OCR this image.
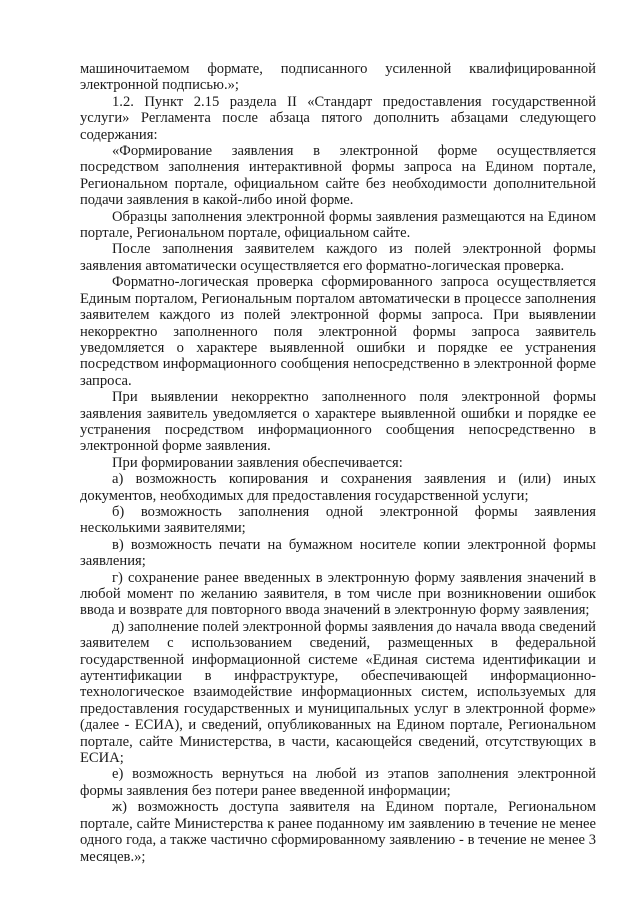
машиночитаемом формате, подписанного усиленной квалифицированной электронной подписью.»;

1.2. Пункт 2.15 раздела II «Стандарт предоставления государственной услуги» Регламента после абзаца пятого дополнить абзацами следующего содержания:

«Формирование заявления в электронной форме осуществляется посредством заполнения интерактивной формы запроса на Едином портале, Региональном портале, официальном сайте без необходимости дополнительной подачи заявления в какой-либо иной форме.

Образцы заполнения электронной формы заявления размещаются на Едином портале, Региональном портале, официальном сайте.

После заполнения заявителем каждого из полей электронной формы заявления автоматически осуществляется его форматно-логическая проверка.

Форматно-логическая проверка сформированного запроса осуществляется Единым порталом, Региональным порталом автоматически в процессе заполнения заявителем каждого из полей электронной формы запроса. При выявлении некорректно заполненного поля электронной формы запроса заявитель уведомляется о характере выявленной ошибки и порядке ее устранения посредством информационного сообщения непосредственно в электронной форме запроса.

При выявлении некорректно заполненного поля электронной формы заявления заявитель уведомляется о характере выявленной ошибки и порядке ее устранения посредством информационного сообщения непосредственно в электронной форме заявления.

При формировании заявления обеспечивается:

а) возможность копирования и сохранения заявления и (или) иных документов, необходимых для предоставления государственной услуги;

б) возможность заполнения одной электронной формы заявления несколькими заявителями;

в) возможность печати на бумажном носителе копии электронной формы заявления;

г) сохранение ранее введенных в электронную форму заявления значений в любой момент по желанию заявителя, в том числе при возникновении ошибок ввода и возврате для повторного ввода значений в электронную форму заявления;

д) заполнение полей электронной формы заявления до начала ввода сведений заявителем с использованием сведений, размещенных в федеральной государственной информационной системе «Единая система идентификации и аутентификации в инфраструктуре, обеспечивающей информационно-технологическое взаимодействие информационных систем, используемых для предоставления государственных и муниципальных услуг в электронной форме» (далее - ЕСИА), и сведений, опубликованных на Едином портале, Региональном портале, сайте Министерства, в части, касающейся сведений, отсутствующих в ЕСИА;

е) возможность вернуться на любой из этапов заполнения электронной формы заявления без потери ранее введенной информации;

ж) возможность доступа заявителя на Едином портале, Региональном портале, сайте Министерства к ранее поданному им заявлению в течение не менее одного года, а также частично сформированному заявлению - в течение не менее 3 месяцев.»;
